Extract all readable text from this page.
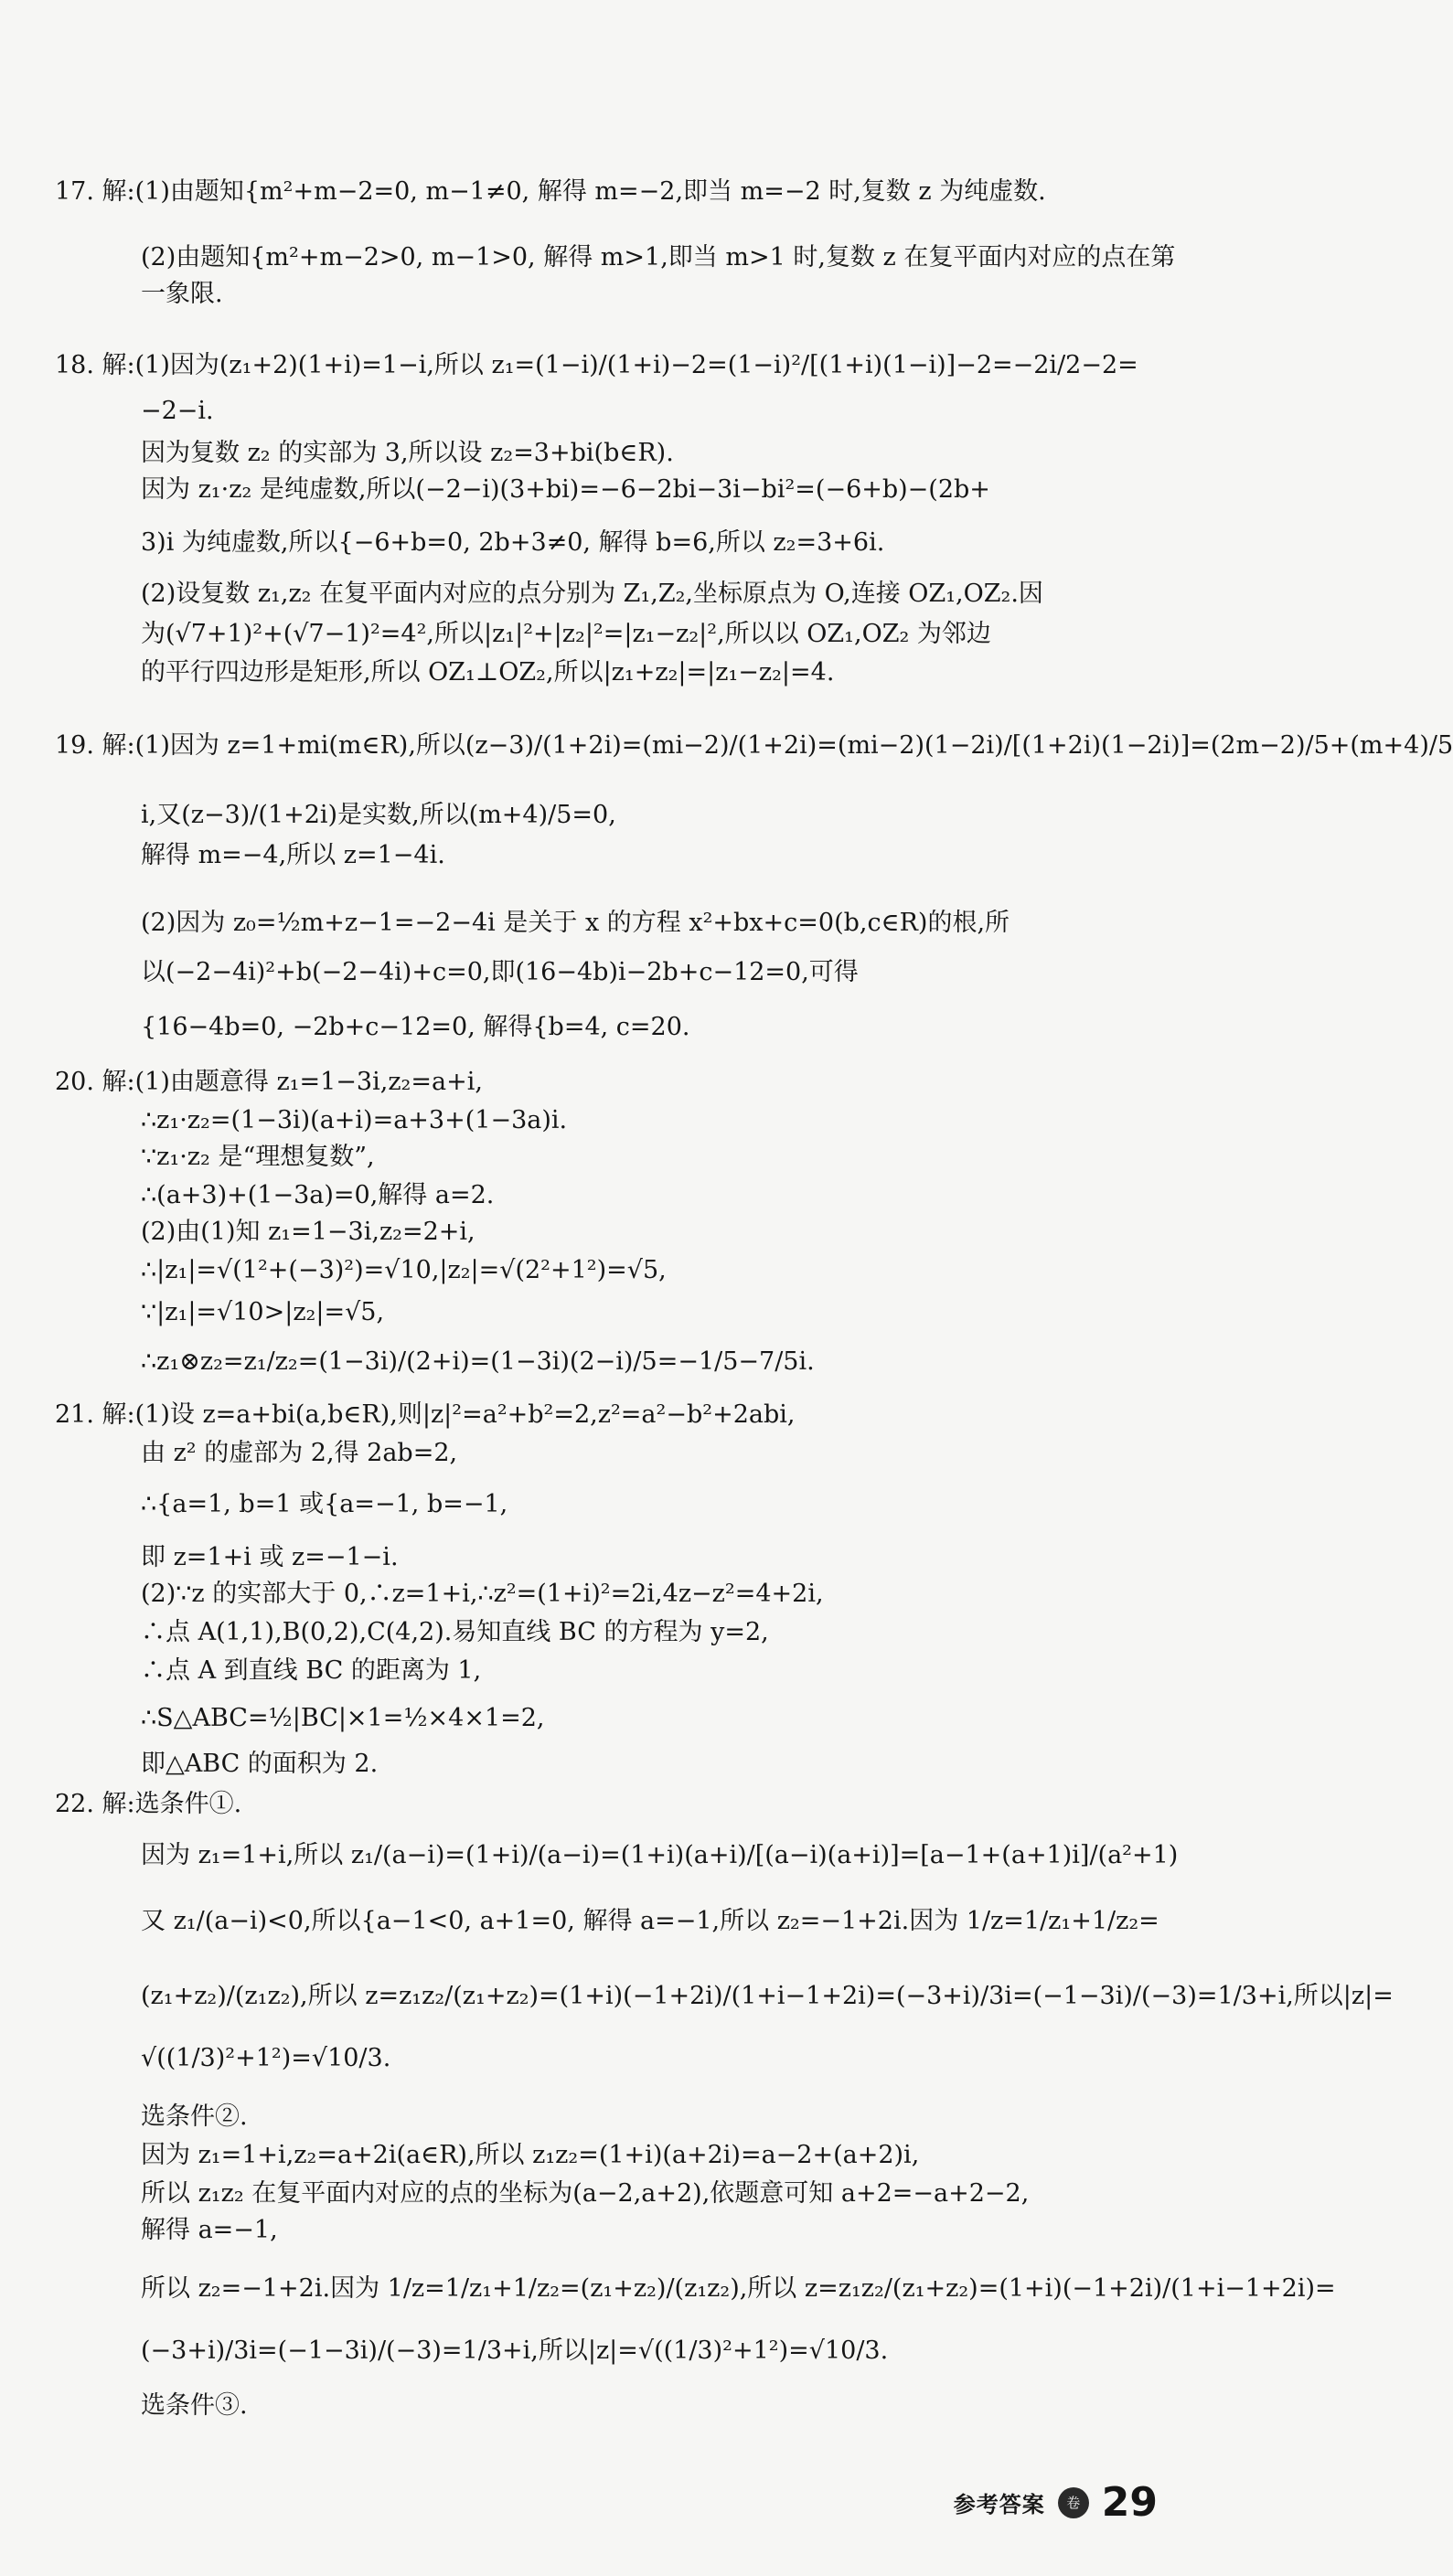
17. 解:(1)由题知{m²+m−2=0, m−1≠0, 解得 m=−2,即当 m=−2 时,复数 z 为纯虚数.
(2)由题知{m²+m−2>0, m−1>0, 解得 m>1,即当 m>1 时,复数 z 在复平面内对应的点在第
一象限.
18. 解:(1)因为(z₁+2)(1+i)=1−i,所以 z₁=(1−i)/(1+i)−2=(1−i)²/[(1+i)(1−i)]−2=−2i/2−2=
−2−i.
因为复数 z₂ 的实部为 3,所以设 z₂=3+bi(b∈R).
因为 z₁·z₂ 是纯虚数,所以(−2−i)(3+bi)=−6−2bi−3i−bi²=(−6+b)−(2b+
3)i 为纯虚数,所以{−6+b=0, 2b+3≠0, 解得 b=6,所以 z₂=3+6i.
(2)设复数 z₁,z₂ 在复平面内对应的点分别为 Z₁,Z₂,坐标原点为 O,连接 OZ₁,OZ₂.因
为(√7+1)²+(√7−1)²=4²,所以|z₁|²+|z₂|²=|z₁−z₂|²,所以以 OZ₁,OZ₂ 为邻边
的平行四边形是矩形,所以 OZ₁⊥OZ₂,所以|z₁+z₂|=|z₁−z₂|=4.
19. 解:(1)因为 z=1+mi(m∈R),所以(z−3)/(1+2i)=(mi−2)/(1+2i)=(mi−2)(1−2i)/[(1+2i)(1−2i)]=(2m−2)/5+(m+4)/5
i,又(z−3)/(1+2i)是实数,所以(m+4)/5=0,
解得 m=−4,所以 z=1−4i.
(2)因为 z₀=½m+z−1=−2−4i 是关于 x 的方程 x²+bx+c=0(b,c∈R)的根,所
以(−2−4i)²+b(−2−4i)+c=0,即(16−4b)i−2b+c−12=0,可得
{16−4b=0, −2b+c−12=0, 解得{b=4, c=20.
20. 解:(1)由题意得 z₁=1−3i,z₂=a+i,
∴z₁·z₂=(1−3i)(a+i)=a+3+(1−3a)i.
∵z₁·z₂ 是“理想复数”,
∴(a+3)+(1−3a)=0,解得 a=2.
(2)由(1)知 z₁=1−3i,z₂=2+i,
∴|z₁|=√(1²+(−3)²)=√10,|z₂|=√(2²+1²)=√5,
∵|z₁|=√10>|z₂|=√5,
∴z₁⊗z₂=z₁/z₂=(1−3i)/(2+i)=(1−3i)(2−i)/5=−1/5−7/5i.
21. 解:(1)设 z=a+bi(a,b∈R),则|z|²=a²+b²=2,z²=a²−b²+2abi,
由 z² 的虚部为 2,得 2ab=2,
∴{a=1, b=1 或{a=−1, b=−1,
即 z=1+i 或 z=−1−i.
(2)∵z 的实部大于 0,∴z=1+i,∴z²=(1+i)²=2i,4z−z²=4+2i,
∴点 A(1,1),B(0,2),C(4,2).易知直线 BC 的方程为 y=2,
∴点 A 到直线 BC 的距离为 1,
∴S△ABC=½|BC|×1=½×4×1=2,
即△ABC 的面积为 2.
22. 解:选条件①.
因为 z₁=1+i,所以 z₁/(a−i)=(1+i)/(a−i)=(1+i)(a+i)/[(a−i)(a+i)]=[a−1+(a+1)i]/(a²+1)
又 z₁/(a−i)<0,所以{a−1<0, a+1=0, 解得 a=−1,所以 z₂=−1+2i.因为 1/z=1/z₁+1/z₂=
(z₁+z₂)/(z₁z₂),所以 z=z₁z₂/(z₁+z₂)=(1+i)(−1+2i)/(1+i−1+2i)=(−3+i)/3i=(−1−3i)/(−3)=1/3+i,所以|z|=
√((1/3)²+1²)=√10/3.
选条件②.
因为 z₁=1+i,z₂=a+2i(a∈R),所以 z₁z₂=(1+i)(a+2i)=a−2+(a+2)i,
所以 z₁z₂ 在复平面内对应的点的坐标为(a−2,a+2),依题意可知 a+2=−a+2−2,
解得 a=−1,
所以 z₂=−1+2i.因为 1/z=1/z₁+1/z₂=(z₁+z₂)/(z₁z₂),所以 z=z₁z₂/(z₁+z₂)=(1+i)(−1+2i)/(1+i−1+2i)=
(−3+i)/3i=(−1−3i)/(−3)=1/3+i,所以|z|=√((1/3)²+1²)=√10/3.
选条件③.
参考答案	卷 29
